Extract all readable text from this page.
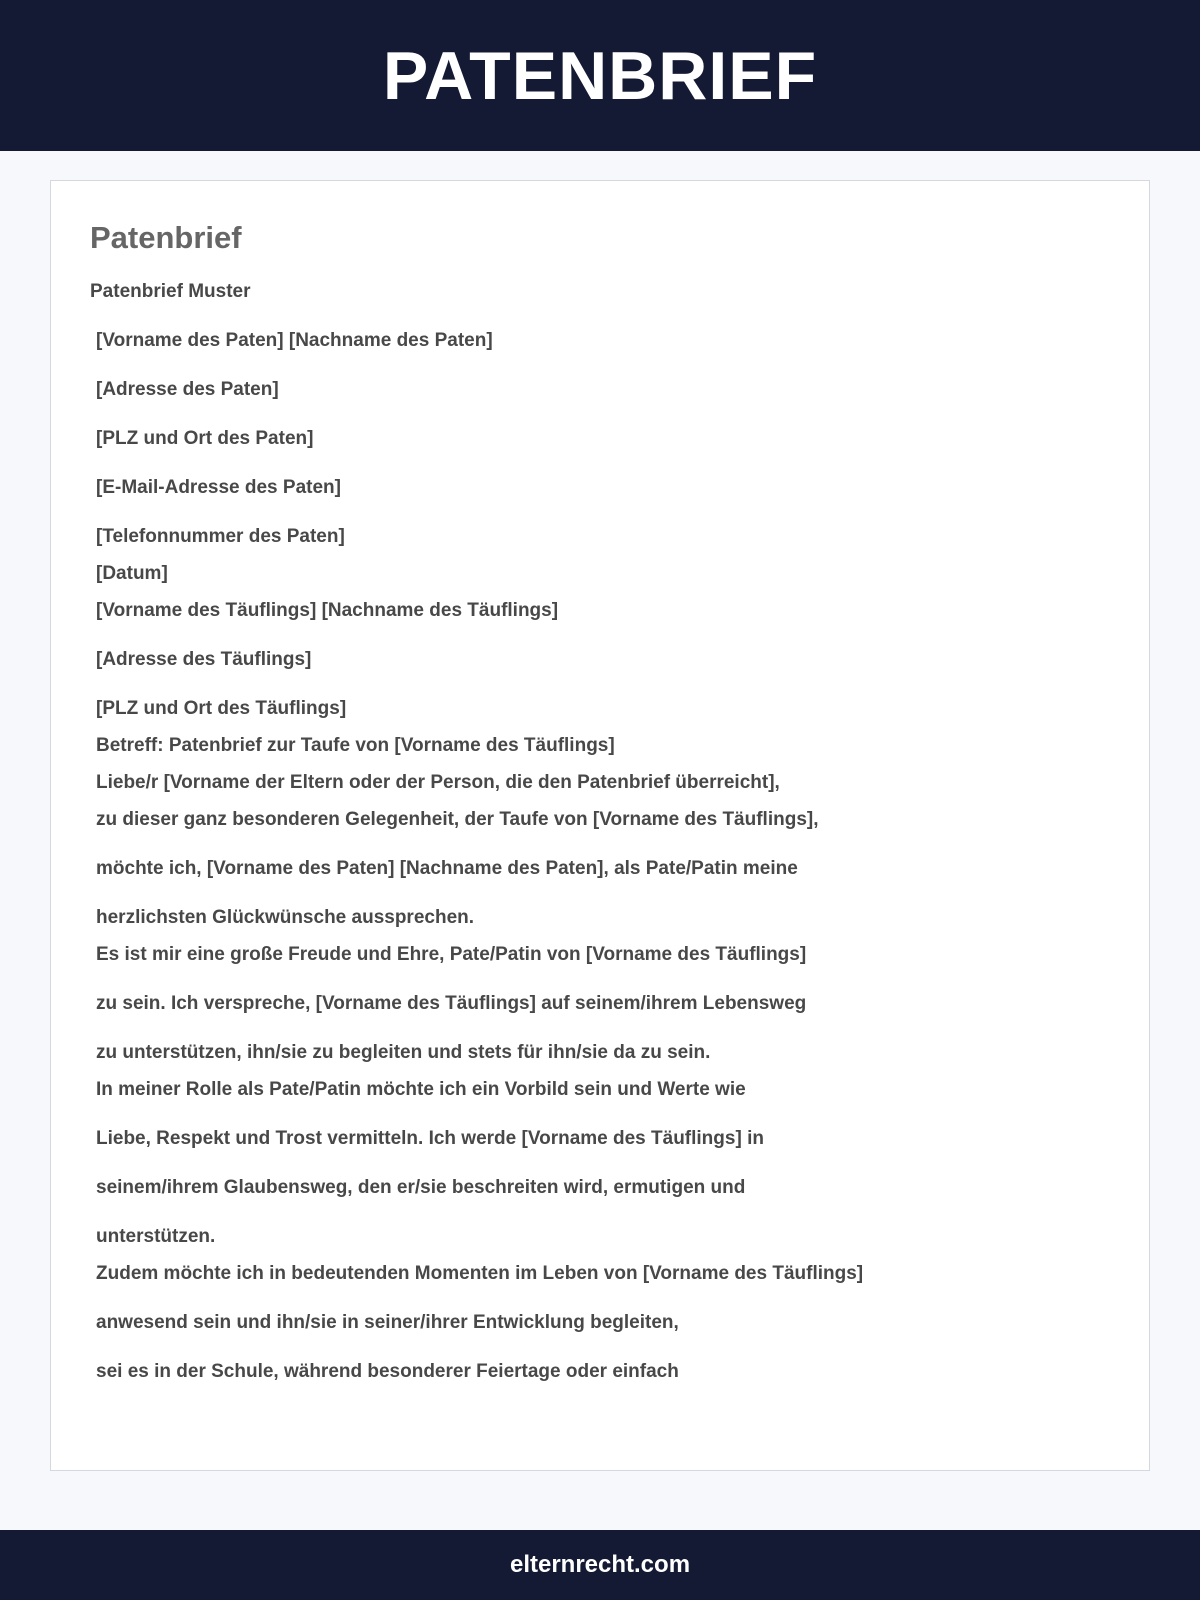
PATENBRIEF
Patenbrief
Patenbrief Muster
[Vorname des Paten] [Nachname des Paten]
[Adresse des Paten]
[PLZ und Ort des Paten]
[E-Mail-Adresse des Paten]
[Telefonnummer des Paten]
[Datum]
[Vorname des Täuflings] [Nachname des Täuflings]
[Adresse des Täuflings]
[PLZ und Ort des Täuflings]
Betreff: Patenbrief zur Taufe von [Vorname des Täuflings]
Liebe/r [Vorname der Eltern oder der Person, die den Patenbrief überreicht],
zu dieser ganz besonderen Gelegenheit, der Taufe von [Vorname des Täuflings],
möchte ich, [Vorname des Paten] [Nachname des Paten], als Pate/Patin meine
herzlichsten Glückwünsche aussprechen.
Es ist mir eine große Freude und Ehre, Pate/Patin von [Vorname des Täuflings]
zu sein. Ich verspreche, [Vorname des Täuflings] auf seinem/ihrem Lebensweg
zu unterstützen, ihn/sie zu begleiten und stets für ihn/sie da zu sein.
In meiner Rolle als Pate/Patin möchte ich ein Vorbild sein und Werte wie
Liebe, Respekt und Trost vermitteln. Ich werde [Vorname des Täuflings] in
seinem/ihrem Glaubensweg, den er/sie beschreiten wird, ermutigen und
unterstützen.
Zudem möchte ich in bedeutenden Momenten im Leben von [Vorname des Täuflings]
anwesend sein und ihn/sie in seiner/ihrer Entwicklung begleiten,
sei es in der Schule, während besonderer Feiertage oder einfach
elternrecht.com
